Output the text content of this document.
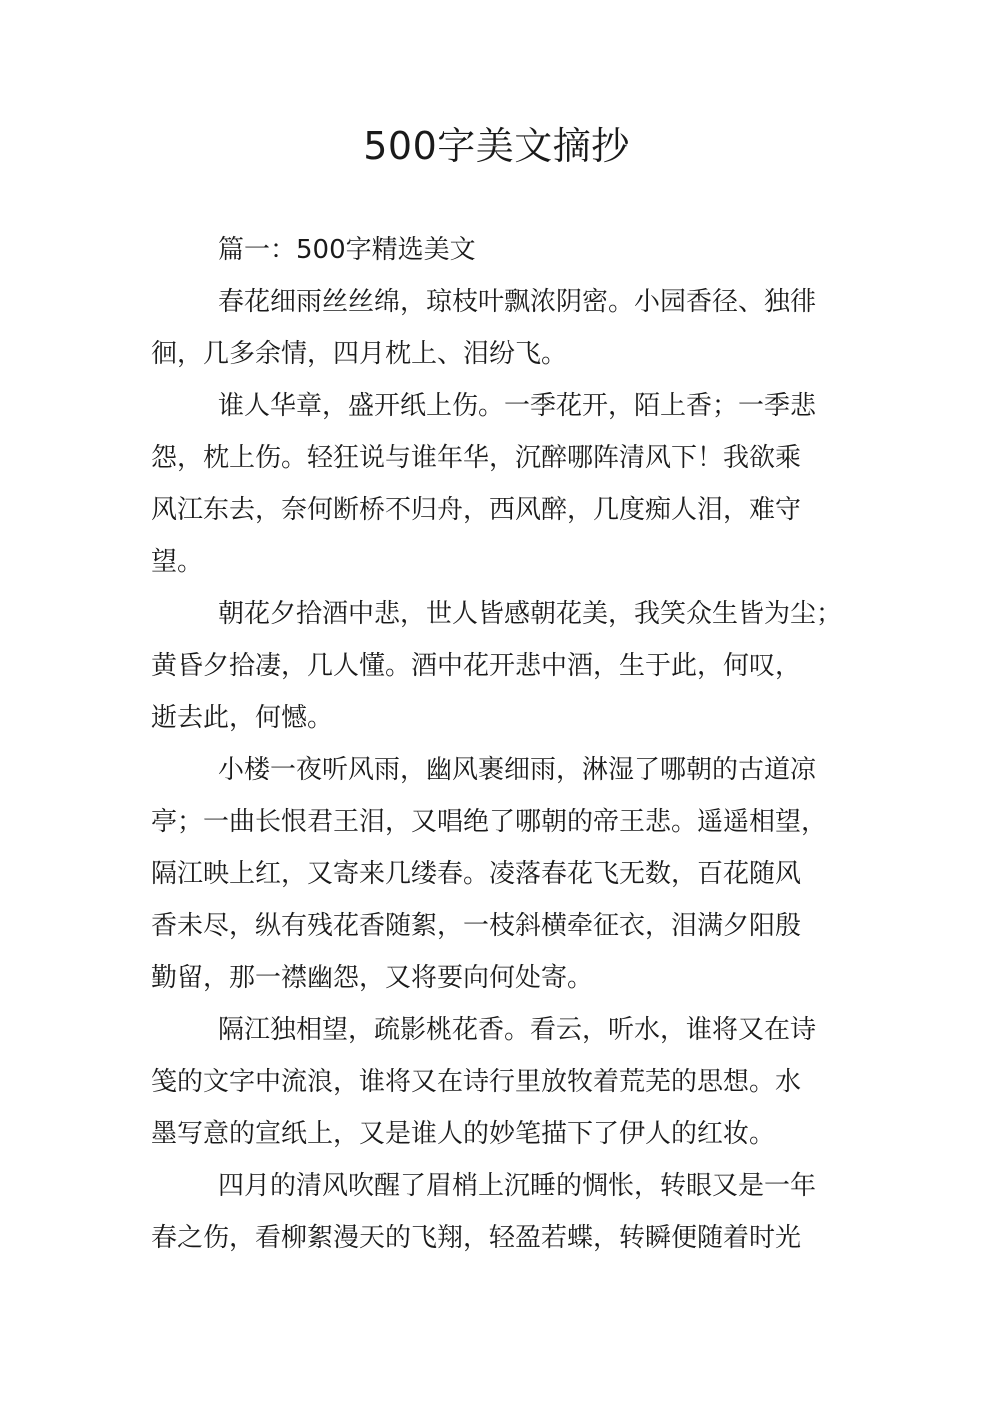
500字美文摘抄

篇一：500字精选美文

春花细雨丝丝绵，琼枝叶飘浓阴密。小园香径、独徘
徊，几多余情，四月枕上、泪纷飞。

谁人华章，盛开纸上伤。一季花开，陌上香；一季悲
怨，枕上伤。轻狂说与谁年华，沉醉哪阵清风下！我欲乘
风江东去，奈何断桥不归舟，西风醉，几度痴人泪，难守
望。

朝花夕拾酒中悲，世人皆感朝花美，我笑众生皆为尘；
黄昏夕拾凄，几人懂。酒中花开悲中酒，生于此，何叹，
逝去此，何憾。

小楼一夜听风雨，幽风裹细雨，淋湿了哪朝的古道凉
亭；一曲长恨君王泪，又唱绝了哪朝的帝王悲。遥遥相望，
隔江映上红，又寄来几缕春。凌落春花飞无数，百花随风
香未尽，纵有残花香随絮，一枝斜横牵征衣，泪满夕阳殷
勤留，那一襟幽怨，又将要向何处寄。

隔江独相望，疏影桃花香。看云，听水，谁将又在诗
笺的文字中流浪，谁将又在诗行里放牧着荒芜的思想。水
墨写意的宣纸上，又是谁人的妙笔描下了伊人的红妆。

四月的清风吹醒了眉梢上沉睡的惆怅，转眼又是一年
春之伤，看柳絮漫天的飞翔，轻盈若蝶，转瞬便随着时光
